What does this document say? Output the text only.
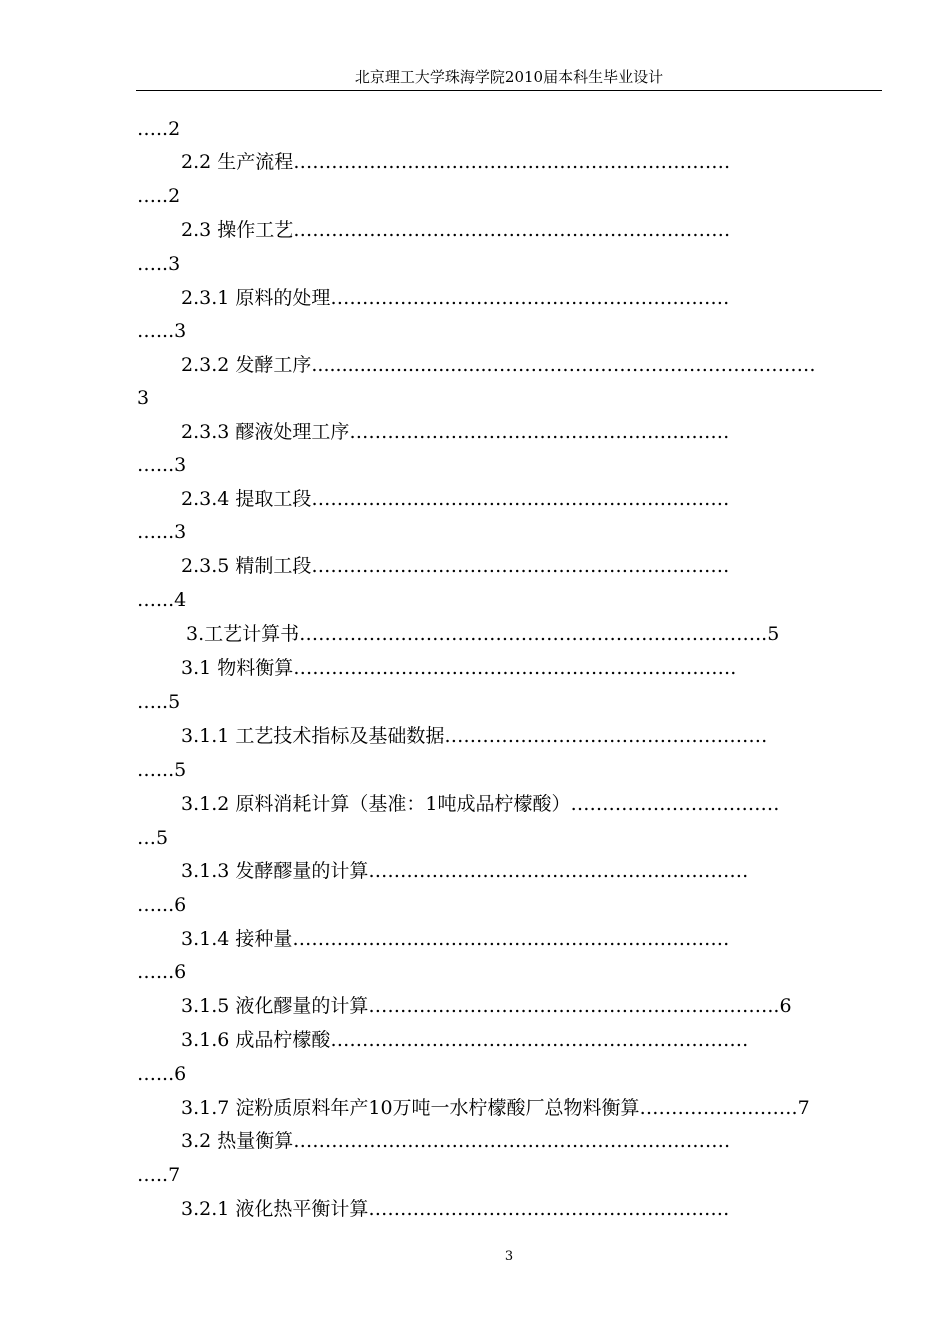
北京理工大学珠海学院2010届本科生毕业设计
…..2
2.2 生产流程……………………………………………………………
…..2
2.3 操作工艺……………………………………………………………
…..3
2.3.1 原料的处理………………………………………………………
…...3
2.3.2 发酵工序..............................……………………………………………
3
2.3.3 醪液处理工序……………………………………………………
…...3
2.3.4 提取工段…………………………………………………………
…...3
2.3.5 精制工段…………………………………………………………
…...4
3.工艺计算书………………………………………………………………..5
3.1 物料衡算…………………………………………………………….
…..5
3.1.1 工艺技术指标及基础数据……………………………………………
…...5
3.1.2 原料消耗计算（基准：1吨成品柠檬酸）……………………………
…5
3.1.3 发酵醪量的计算……………………………………………………
…...6
3.1.4 接种量……………………………………………………………
…...6
3.1.5 液化醪量的计算………………………………………………………..6
3.1.6 成品柠檬酸…………………………………………………………
…...6
3.1.7 淀粉质原料年产10万吨一水柠檬酸厂总物料衡算…………………….7
3.2 热量衡算……………………………………………………………
…..7
3.2.1 液化热平衡计算…………………………………………………
3
